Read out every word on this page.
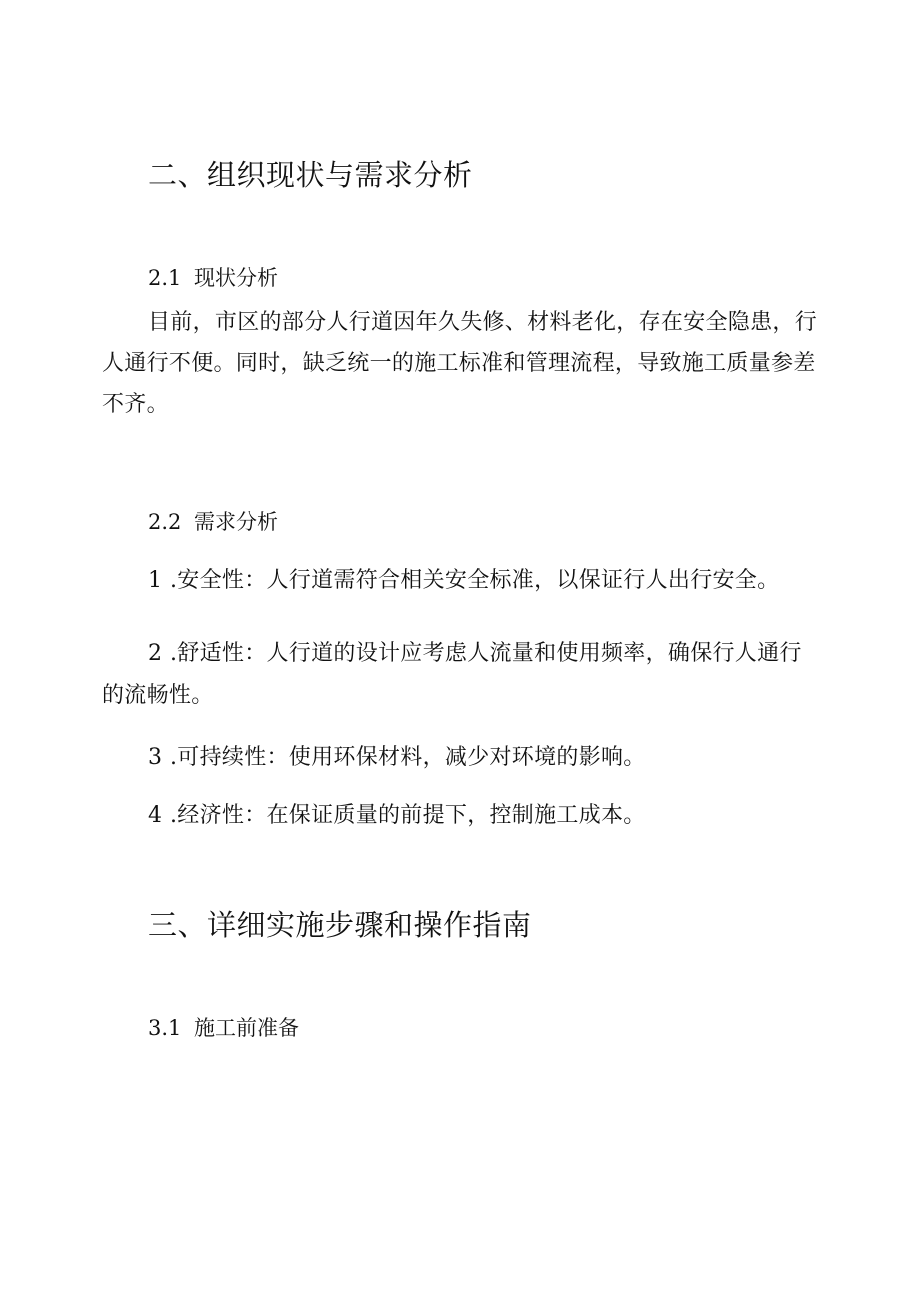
二、组织现状与需求分析
2.1 现状分析
目前，市区的部分人行道因年久失修、材料老化，存在安全隐患，行人通行不便。同时，缺乏统一的施工标准和管理流程，导致施工质量参差不齐。
2.2 需求分析
1 .安全性：人行道需符合相关安全标准，以保证行人出行安全。
2 .舒适性：人行道的设计应考虑人流量和使用频率，确保行人通行的流畅性。
3 .可持续性：使用环保材料，减少对环境的影响。
4 .经济性：在保证质量的前提下，控制施工成本。
三、详细实施步骤和操作指南
3.1 施工前准备
